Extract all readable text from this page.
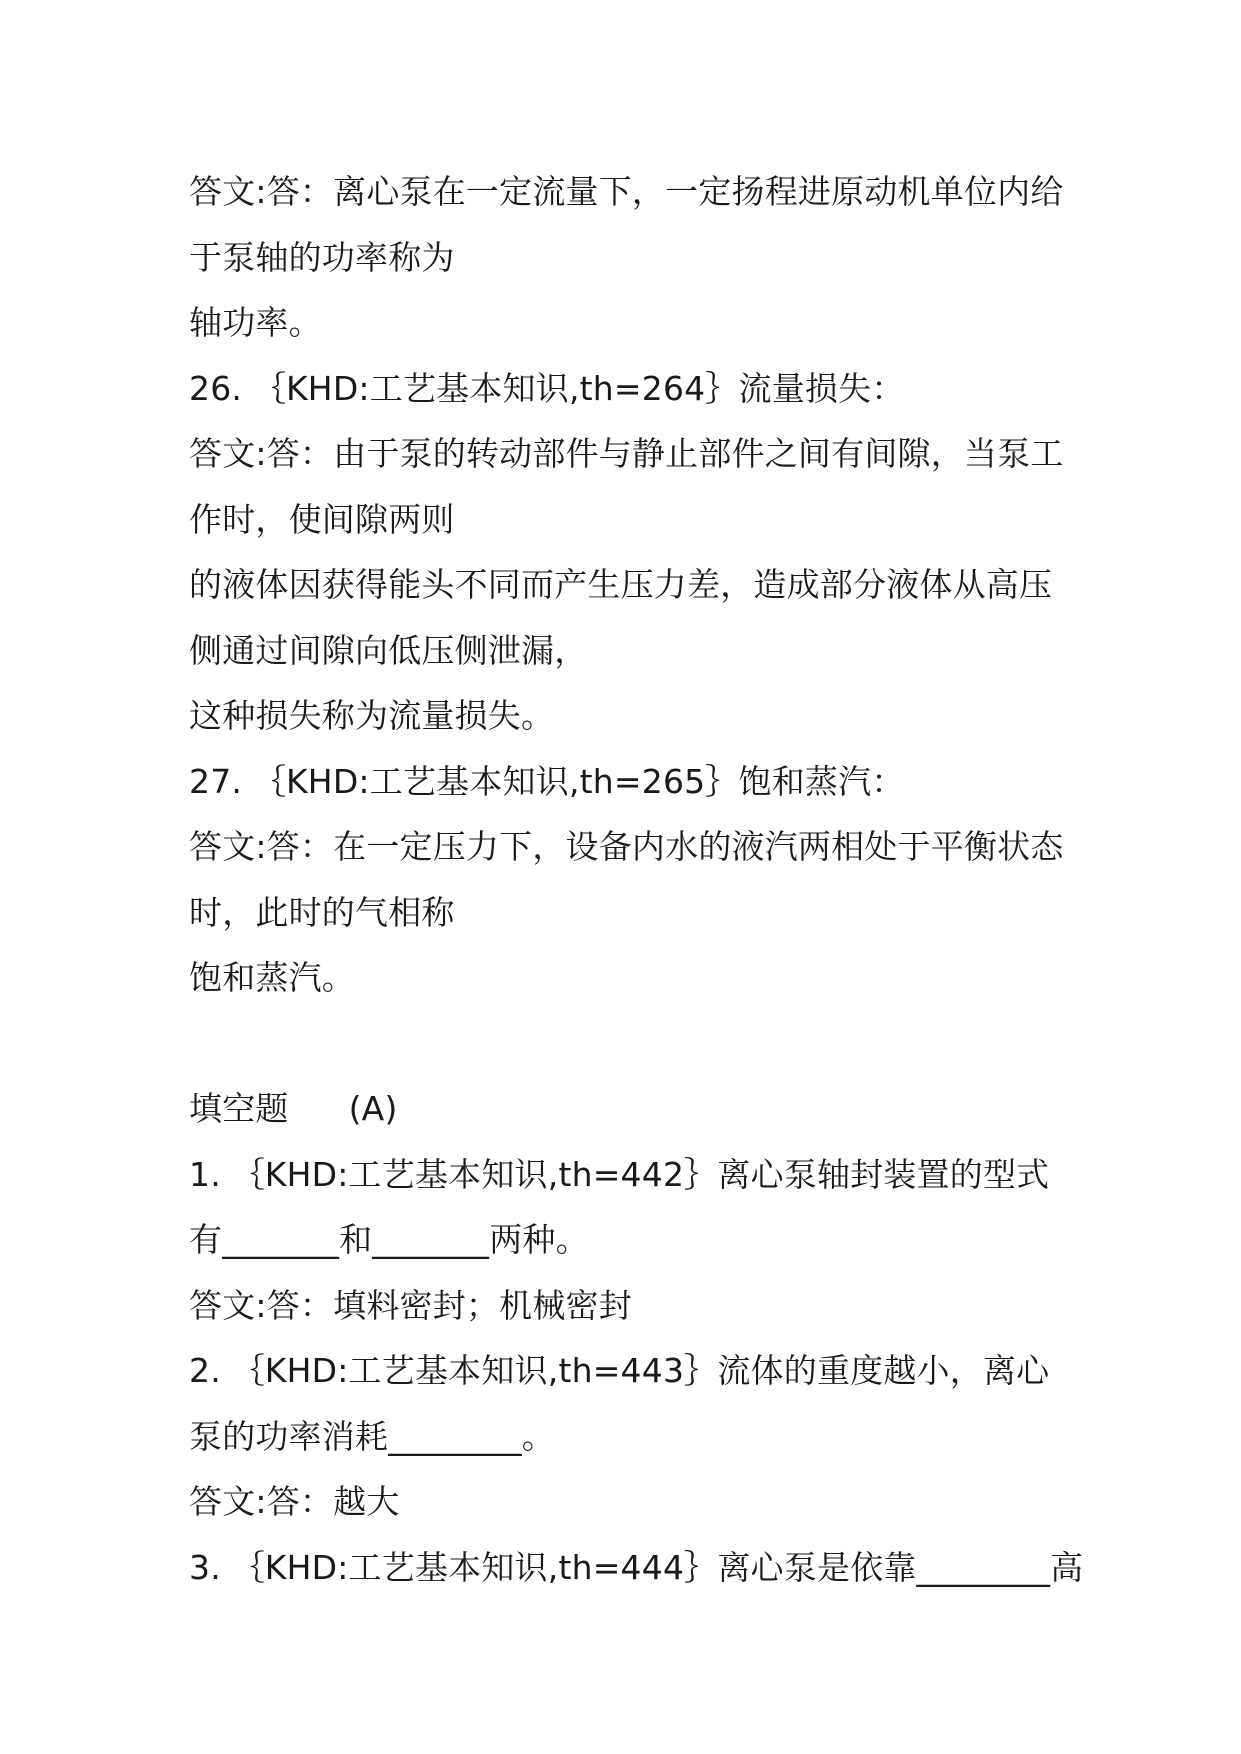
答文:答：离心泵在一定流量下，一定扬程进原动机单位内给
于泵轴的功率称为
轴功率。
26. ｛KHD:工艺基本知识,th=264｝流量损失：
答文:答：由于泵的转动部件与静止部件之间有间隙，当泵工
作时，使间隙两则
的液体因获得能头不同而产生压力差，造成部分液体从高压
侧通过间隙向低压侧泄漏，
这种损失称为流量损失。
27. ｛KHD:工艺基本知识,th=265｝饱和蒸汽：
答文:答：在一定压力下，设备内水的液汽两相处于平衡状态
时，此时的气相称
饱和蒸汽。
填空题 (A)
1. ｛KHD:工艺基本知识,th=442｝离心泵轴封装置的型式
有_______和_______两种。
答文:答：填料密封；机械密封
2. ｛KHD:工艺基本知识,th=443｝流体的重度越小，离心
泵的功率消耗________。
答文:答：越大
3. ｛KHD:工艺基本知识,th=444｝离心泵是依靠________高
